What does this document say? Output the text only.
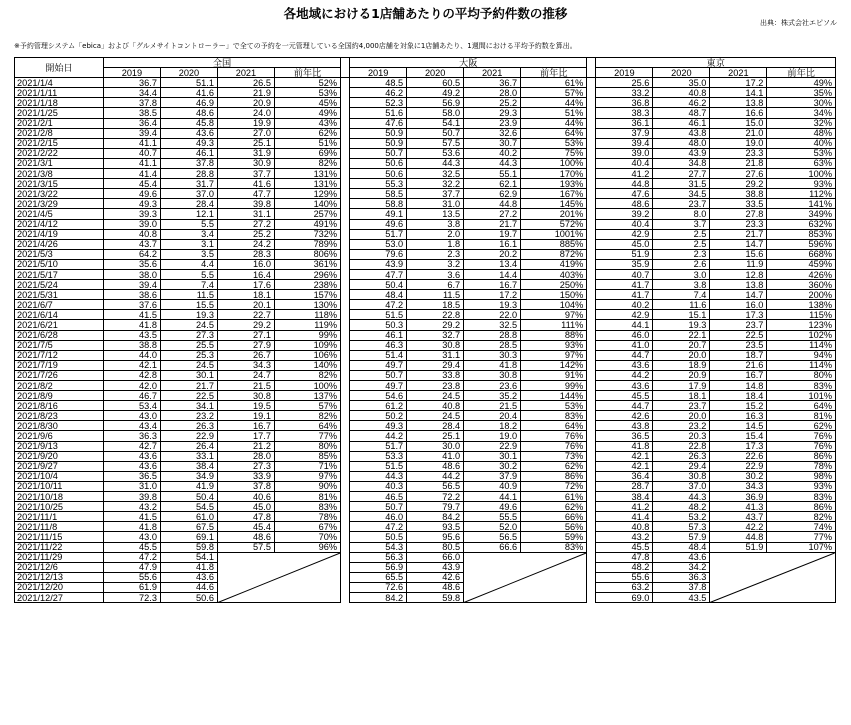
各地域における1店舗あたりの平均予約件数の推移
出典：株式会社エピソル
※予約管理システム「ebica」および「グルメサイトコントローラー」で全ての予約を一元管理している全国約4,000店舗を対象に1店舗あたり、1週間における平均予約数を算出。
開始日	全国					大阪					東京			
	2019	2020	2021	前年比		2019	2020	2021	前年比		2019	2020	2021	前年比
2021/1/4	36.7	51.1	26.5	52%		48.5	60.5	36.7	61%		25.6	35.0	17.2	49%
2021/1/11	34.4	41.6	21.9	53%		46.2	49.2	28.0	57%		33.2	40.8	14.1	35%
2021/1/18	37.8	46.9	20.9	45%		52.3	56.9	25.2	44%		36.8	46.2	13.8	30%
2021/1/25	38.5	48.6	24.0	49%		51.6	58.0	29.3	51%		38.3	48.7	16.6	34%
2021/2/1	36.4	45.8	19.9	43%		47.6	54.1	23.9	44%		36.1	46.1	15.0	32%
2021/2/8	39.4	43.6	27.0	62%		50.9	50.7	32.6	64%		37.9	43.8	21.0	48%
2021/2/15	41.1	49.3	25.1	51%		50.9	57.5	30.7	53%		39.4	48.0	19.0	40%
2021/2/22	40.7	46.1	31.9	69%		50.7	53.6	40.2	75%		39.0	43.9	23.3	53%
2021/3/1	41.1	37.8	30.9	82%		50.6	44.3	44.3	100%		40.4	34.8	21.8	63%
2021/3/8	41.4	28.8	37.7	131%		50.6	32.5	55.1	170%		41.2	27.7	27.6	100%
2021/3/15	45.4	31.7	41.6	131%		55.3	32.2	62.1	193%		44.8	31.5	29.2	93%
2021/3/22	49.6	37.0	47.7	129%		58.5	37.7	62.9	167%		47.6	34.5	38.8	112%
2021/3/29	49.3	28.4	39.8	140%		58.8	31.0	44.8	145%		48.6	23.7	33.5	141%
2021/4/5	39.3	12.1	31.1	257%		49.1	13.5	27.2	201%		39.2	8.0	27.8	349%
2021/4/12	39.0	5.5	27.2	491%		49.6	3.8	21.7	572%		40.4	3.7	23.3	632%
2021/4/19	40.8	3.4	25.2	732%		51.7	2.0	19.7	1001%		42.9	2.5	21.7	853%
2021/4/26	43.7	3.1	24.2	789%		53.0	1.8	16.1	885%		45.0	2.5	14.7	596%
2021/5/3	64.2	3.5	28.3	806%		79.6	2.3	20.2	872%		51.9	2.3	15.6	668%
2021/5/10	35.6	4.4	16.0	361%		43.9	3.2	13.4	419%		35.9	2.6	11.9	459%
2021/5/17	38.0	5.5	16.4	296%		47.7	3.6	14.4	403%		40.7	3.0	12.8	426%
2021/5/24	39.4	7.4	17.6	238%		50.4	6.7	16.7	250%		41.7	3.8	13.8	360%
2021/5/31	38.6	11.5	18.1	157%		48.4	11.5	17.2	150%		41.7	7.4	14.7	200%
2021/6/7	37.6	15.5	20.1	130%		47.2	18.5	19.3	104%		40.2	11.6	16.0	138%
2021/6/14	41.5	19.3	22.7	118%		51.5	22.8	22.0	97%		42.9	15.1	17.3	115%
2021/6/21	41.8	24.5	29.2	119%		50.3	29.2	32.5	111%		44.1	19.3	23.7	123%
2021/6/28	43.5	27.3	27.1	99%		46.1	32.7	28.8	88%		46.0	22.1	22.5	102%
2021/7/5	38.8	25.5	27.9	109%		46.3	30.8	28.5	93%		41.0	20.7	23.5	114%
2021/7/12	44.0	25.3	26.7	106%		51.4	31.1	30.3	97%		44.7	20.0	18.7	94%
2021/7/19	42.1	24.5	34.3	140%		49.7	29.4	41.8	142%		43.6	18.9	21.6	114%
2021/7/26	42.8	30.1	24.7	82%		50.7	33.8	30.8	91%		44.2	20.9	16.7	80%
2021/8/2	42.0	21.7	21.5	100%		49.7	23.8	23.6	99%		43.6	17.9	14.8	83%
2021/8/9	46.7	22.5	30.8	137%		54.6	24.5	35.2	144%		45.5	18.1	18.4	101%
2021/8/16	53.4	34.1	19.5	57%		61.2	40.8	21.5	53%		44.7	23.7	15.2	64%
2021/8/23	43.0	23.2	19.1	82%		50.2	24.5	20.4	83%		42.6	20.0	16.3	81%
2021/8/30	43.4	26.3	16.7	64%		49.3	28.4	18.2	64%		43.8	23.2	14.5	62%
2021/9/6	36.3	22.9	17.7	77%		44.2	25.1	19.0	76%		36.5	20.3	15.4	76%
2021/9/13	42.7	26.4	21.2	80%		51.7	30.0	22.9	76%		41.8	22.8	17.3	76%
2021/9/20	43.6	33.1	28.0	85%		53.3	41.0	30.1	73%		42.1	26.3	22.6	86%
2021/9/27	43.6	38.4	27.3	71%		51.5	48.6	30.2	62%		42.1	29.4	22.9	78%
2021/10/4	36.5	34.9	33.9	97%		44.3	44.2	37.9	86%		36.4	30.8	30.2	98%
2021/10/11	31.0	41.9	37.8	90%		40.3	56.5	40.9	72%		28.7	37.0	34.3	93%
2021/10/18	39.8	50.4	40.6	81%		46.5	72.2	44.1	61%		38.4	44.3	36.9	83%
2021/10/25	43.2	54.5	45.0	83%		50.7	79.7	49.6	62%		41.2	48.2	41.3	86%
2021/11/1	41.5	61.0	47.8	78%		46.0	84.2	55.5	66%		41.4	53.2	43.7	82%
2021/11/8	41.8	67.5	45.4	67%		47.2	93.5	52.0	56%		40.8	57.3	42.2	74%
2021/11/15	43.0	69.1	48.6	70%		50.5	95.6	56.5	59%		43.2	57.9	44.8	77%
2021/11/22	45.5	59.8	57.5	96%		54.3	80.5	66.6	83%		45.5	48.4	51.9	107%
2021/11/29	47.2	54.1				56.3	66.0				47.8	43.6	

2021/12/6	47.9	41.8				56.9	43.9				48.2	34.2		
2021/12/13	55.6	43.6				65.5	42.6				55.6	36.3		
2021/12/20	61.9	44.6				72.6	48.6				63.2	37.8		
2021/12/27	72.3	50.6				84.2	59.8				69.0	43.5		
